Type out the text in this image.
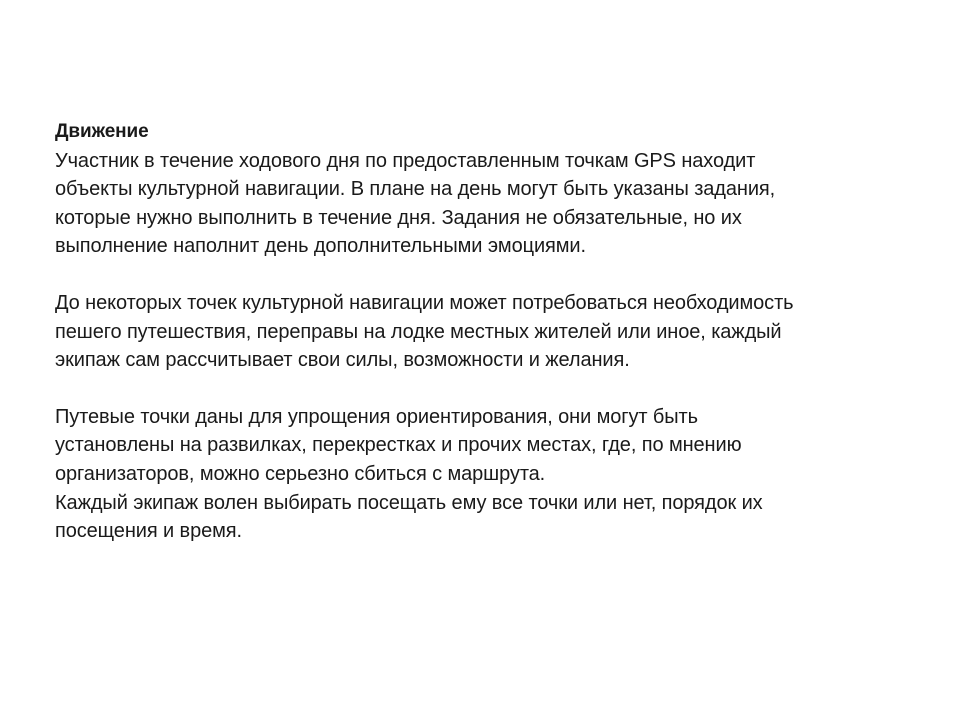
Движение
Участник в течение ходового дня по предоставленным точкам GPS находит
объекты культурной навигации. В плане на день могут быть указаны задания,
которые нужно выполнить в течение дня. Задания не обязательные, но их
выполнение наполнит день дополнительными эмоциями.
До некоторых точек культурной навигации может потребоваться необходимость
пешего путешествия, переправы на лодке местных жителей или иное, каждый
экипаж сам рассчитывает свои силы, возможности и желания.
Путевые точки даны для упрощения ориентирования, они могут быть
установлены на развилках, перекрестках и прочих местах, где, по мнению
организаторов, можно серьезно сбиться с маршрута.
Каждый экипаж волен выбирать посещать ему все точки или нет, порядок их
посещения и время.
